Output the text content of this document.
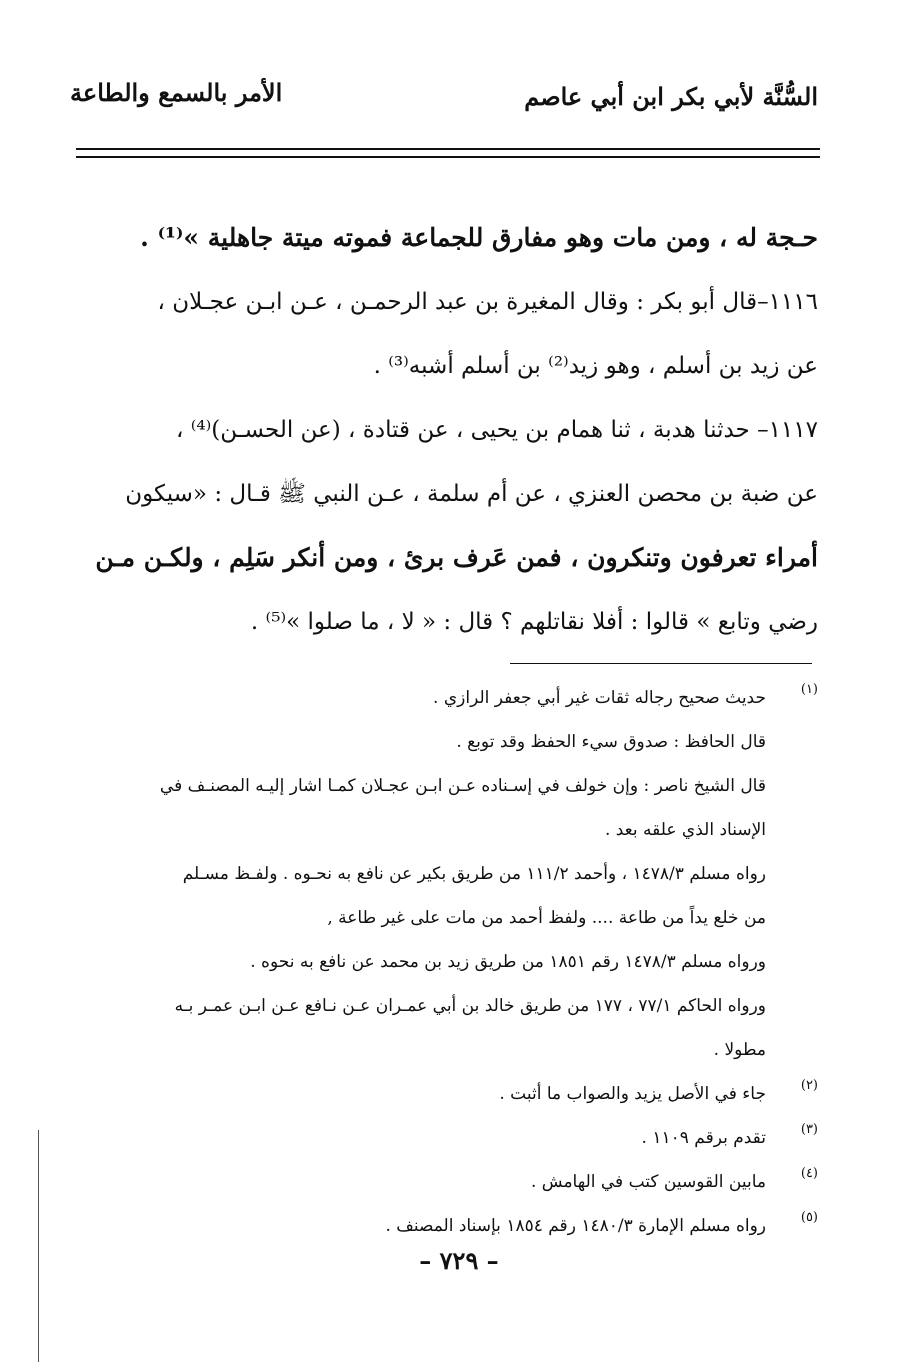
السُّنَّة لأبي بكر ابن أبي عاصم
الأمر بالسمع والطاعة
حـجة له ، ومن مات وهو مفارق للجماعة فموته ميتة جاهلية »⁽¹⁾ .
١١١٦–قال أبو بكر : وقال المغيرة بن عبد الرحمـن ، عـن ابـن عجـلان ،
عن زيد بن أسلم ، وهو زيد⁽²⁾ بن أسلم أشبه⁽³⁾ .
١١١٧– حدثنا هدبة ، ثنا همام بن يحيى ، عن قتادة ، (عن الحسـن)⁽⁴⁾ ،
عن ضبة بن محصن العنزي ، عن أم سلمة ، عـن النبي ﷺ قـال : «سيكون
أمراء تعرفون وتنكرون ، فمن عَرف برئ ، ومن أنكر سَلِم ، ولكـن مـن
رضي وتابع » قالوا : أفلا نقاتلهم ؟ قال : « لا ، ما صلوا »⁽⁵⁾ .
(١)
حديث صحيح رجاله ثقات غير أبي جعفر الرازي .
قال الحافظ : صدوق سيء الحفظ وقد توبع .
قال الشيخ ناصر : وإن خولف في إسـناده عـن ابـن عجـلان كمـا اشار إليـه المصنـف في
الإسناد الذي علقه بعد .
رواه مسلم ١٤٧٨/٣ ، وأحمد ١١١/٢ من طريق بكير عن نافع به نحـوه . ولفـظ مسـلم
من خلع يداً من طاعة .... ولفظ أحمد من مات على غير طاعة ,
ورواه مسلم ١٤٧٨/٣ رقم ١٨٥١ من طريق زيد بن محمد عن نافع به نحوه .
ورواه الحاكم ٧٧/١ ، ١٧٧ من طريق خالد بن أبي عمـران عـن نـافع عـن ابـن عمـر بـه
مطولا .
(٢)
جاء في الأصل يزيد والصواب ما أثبت .
(٣)
تقدم برقم ١١٠٩ .
(٤)
مابين القوسين كتب في الهامش .
(٥)
رواه مسلم الإمارة ١٤٨٠/٣ رقم ١٨٥٤ بإسناد المصنف .
– ٧٢٩ –
